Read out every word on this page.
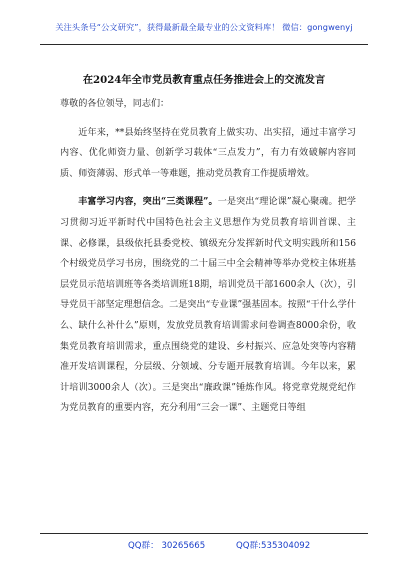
关注头条号“公文研究”，获得最新最全最专业的公文资料库！ 微信：gongwenyj
在2024年全市党员教育重点任务推进会上的交流发言

尊敬的各位领导，同志们：

近年来，**县始终坚持在党员教育上做实功、出实招，通过丰富学习内容、优化师资力量、创新学习载体“三点发力”，有力有效破解内容同质、师资薄弱、形式单一等难题，推动党员教育工作提质增效。

丰富学习内容，突出“三类课程”。一是突出“理论课”凝心聚魂。把学习贯彻习近平新时代中国特色社会主义思想作为党员教育培训首课、主课、必修课，县级依托县委党校、镇级充分发挥新时代文明实践所和156个村级党员学习书房，围绕党的二十届三中全会精神等举办党校主体班基层党员示范培训班等各类培训班18期，培训党员干部1600余人（次），引导党员干部坚定理想信念。二是突出“专业课”强基固本。按照“干什么学什么、缺什么补什么”原则，发放党员教育培训需求问卷调查8000余份，收集党员教育培训需求，重点围绕党的建设、乡村振兴、应急处突等内容精准开发培训课程，分层级、分领域、分专题开展教育培训。今年以来，累计培训3000余人（次）。三是突出“廉政课”锤炼作风。将党章党规党纪作为党员教育的重要内容，充分利用“三会一课”、主题党日等组

QQ群： 30265665	QQ群:535304092
